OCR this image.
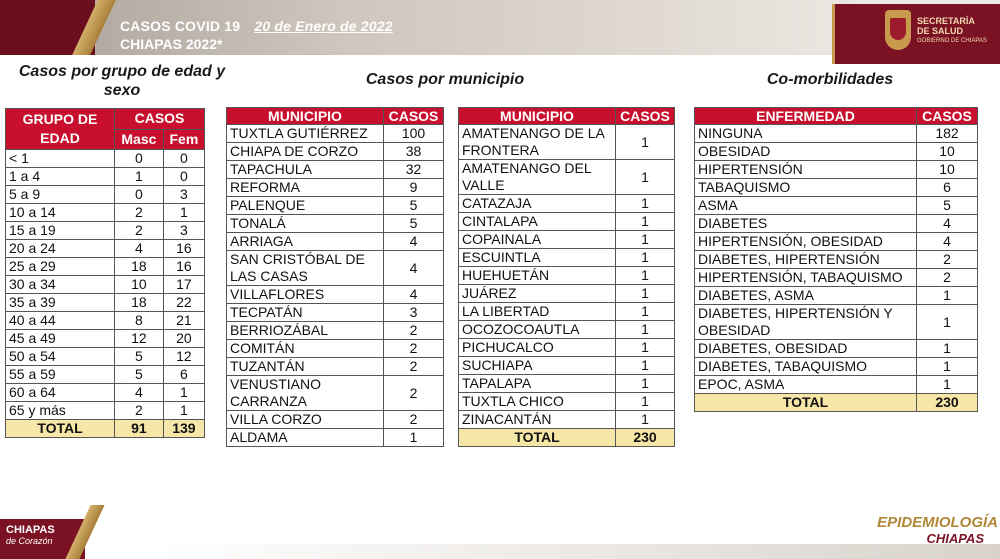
CASOS COVID 19 20 de Enero de 2022
CHIAPAS 2022*
SECRETARÍA
DE SALUD
GOBIERNO DE CHIAPAS
Casos por grupo de edad y sexo
Casos por municipio	Co-morbilidades
GRUPO DE EDAD	CASOS	
	Masc	Fem
< 1	0	0
1 a 4	1	0
5 a 9	0	3
10 a 14	2	1
15 a 19	2	3
20 a 24	4	16
25 a 29	18	16
30 a 34	10	17
35 a 39	18	22
40 a 44	8	21
45 a 49	12	20
50 a 54	5	12
55 a 59	5	6
60 a 64	4	1
65 y más	2	1
TOTAL	91	139
MUNICIPIO	CASOS
TUXTLA GUTIÉRREZ	100
CHIAPA DE CORZO	38
TAPACHULA	32
REFORMA	9
PALENQUE	5
TONALÁ	5
ARRIAGA	4
SAN CRISTÓBAL DE LAS CASAS	4
VILLAFLORES	4
TECPATÁN	3
BERRIOZÁBAL	2
COMITÁN	2
TUZANTÁN	2
VENUSTIANO CARRANZA	2
VILLA CORZO	2
ALDAMA	1
MUNICIPIO	CASOS
AMATENANGO DE LA FRONTERA	1
AMATENANGO DEL VALLE	1
CATAZAJA	1
CINTALAPA	1
COPAINALA	1
ESCUINTLA	1
HUEHUETÁN	1
JUÁREZ	1
LA LIBERTAD	1
OCOZOCOAUTLA	1
PICHUCALCO	1
SUCHIAPA	1
TAPALAPA	1
TUXTLA CHICO	1
ZINACANTÁN	1
TOTAL	230
ENFERMEDAD	CASOS
NINGUNA	182
OBESIDAD	10
HIPERTENSIÓN	10
TABAQUISMO	6
ASMA	5
DIABETES	4
HIPERTENSIÓN, OBESIDAD	4
DIABETES, HIPERTENSIÓN	2
HIPERTENSIÓN, TABAQUISMO	2
DIABETES, ASMA	1
DIABETES, HIPERTENSIÓN Y OBESIDAD	1
DIABETES, OBESIDAD	1
DIABETES, TABAQUISMO	1
EPOC, ASMA	1
TOTAL	230
CHIAPAS
de Corazón
EPIDEMIOLOGÍA
CHIAPAS
